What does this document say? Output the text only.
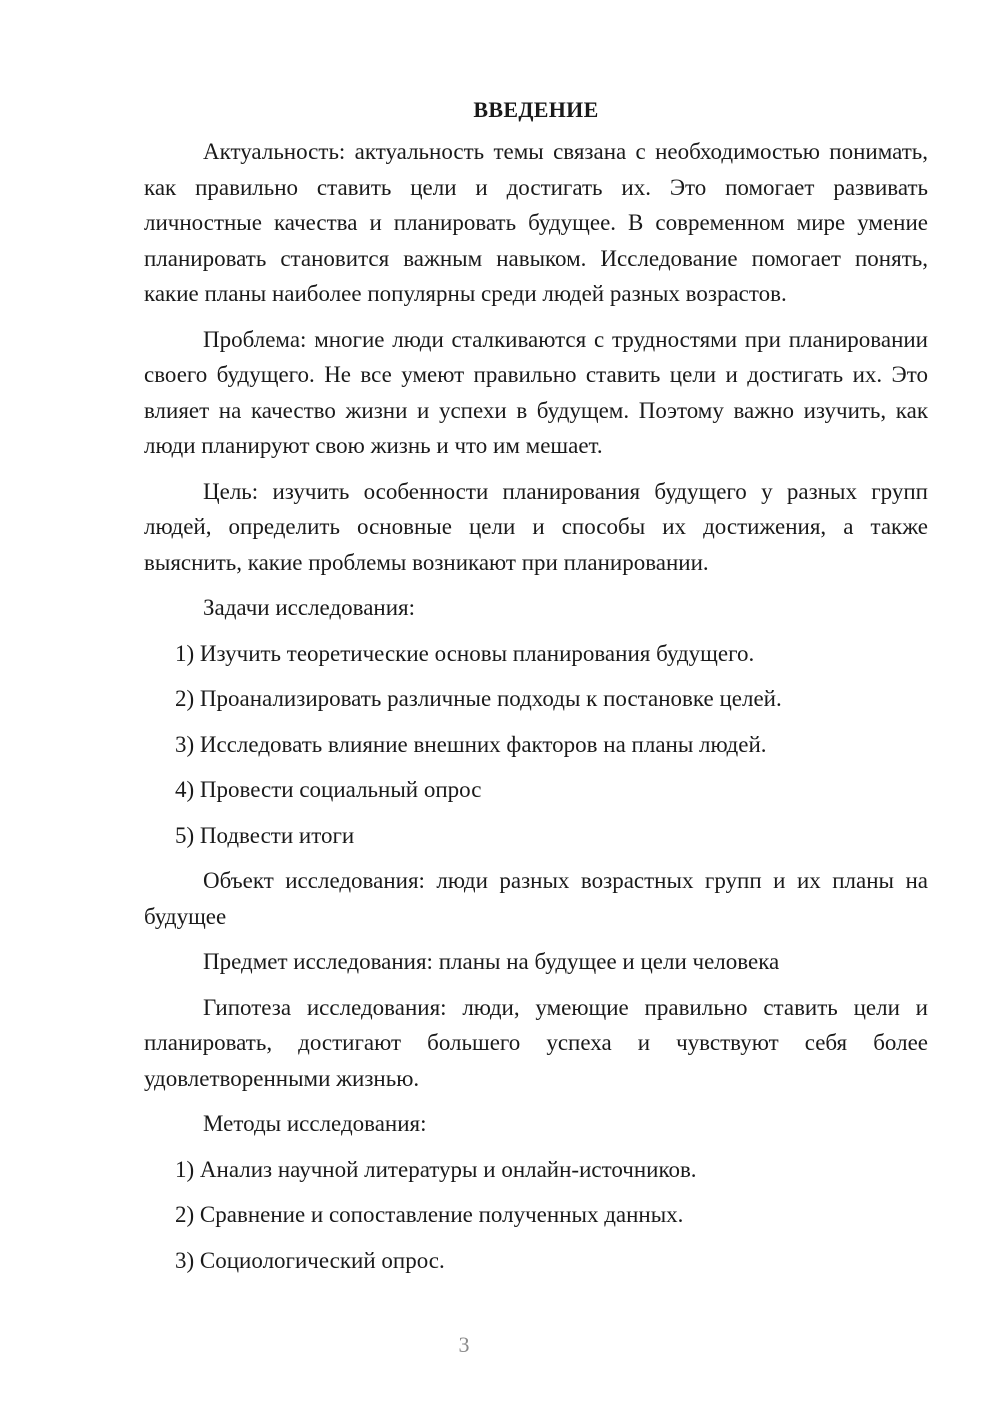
ВВЕДЕНИЕ
Актуальность: актуальность темы связана с необходимостью понимать, как правильно ставить цели и достигать их. Это помогает развивать личностные качества и планировать будущее. В современном мире умение планировать становится важным навыком. Исследование помогает понять, какие планы наиболее популярны среди людей разных возрастов.
Проблема: многие люди сталкиваются с трудностями при планировании своего будущего. Не все умеют правильно ставить цели и достигать их. Это влияет на качество жизни и успехи в будущем. Поэтому важно изучить, как люди планируют свою жизнь и что им мешает.
Цель: изучить особенности планирования будущего у разных групп людей, определить основные цели и способы их достижения, а также выяснить, какие проблемы возникают при планировании.
Задачи исследования:
1) Изучить теоретические основы планирования будущего.
2) Проанализировать различные подходы к постановке целей.
3) Исследовать влияние внешних факторов на планы людей.
4) Провести социальный опрос
5) Подвести итоги
Объект исследования: люди разных возрастных групп и их планы на будущее
Предмет исследования: планы на будущее и цели человека
Гипотеза исследования: люди, умеющие правильно ставить цели и планировать, достигают большего успеха и чувствуют себя более удовлетворенными жизнью.
Методы исследования:
1) Анализ научной литературы и онлайн-источников.
2) Сравнение и сопоставление полученных данных.
3) Социологический опрос.
3
